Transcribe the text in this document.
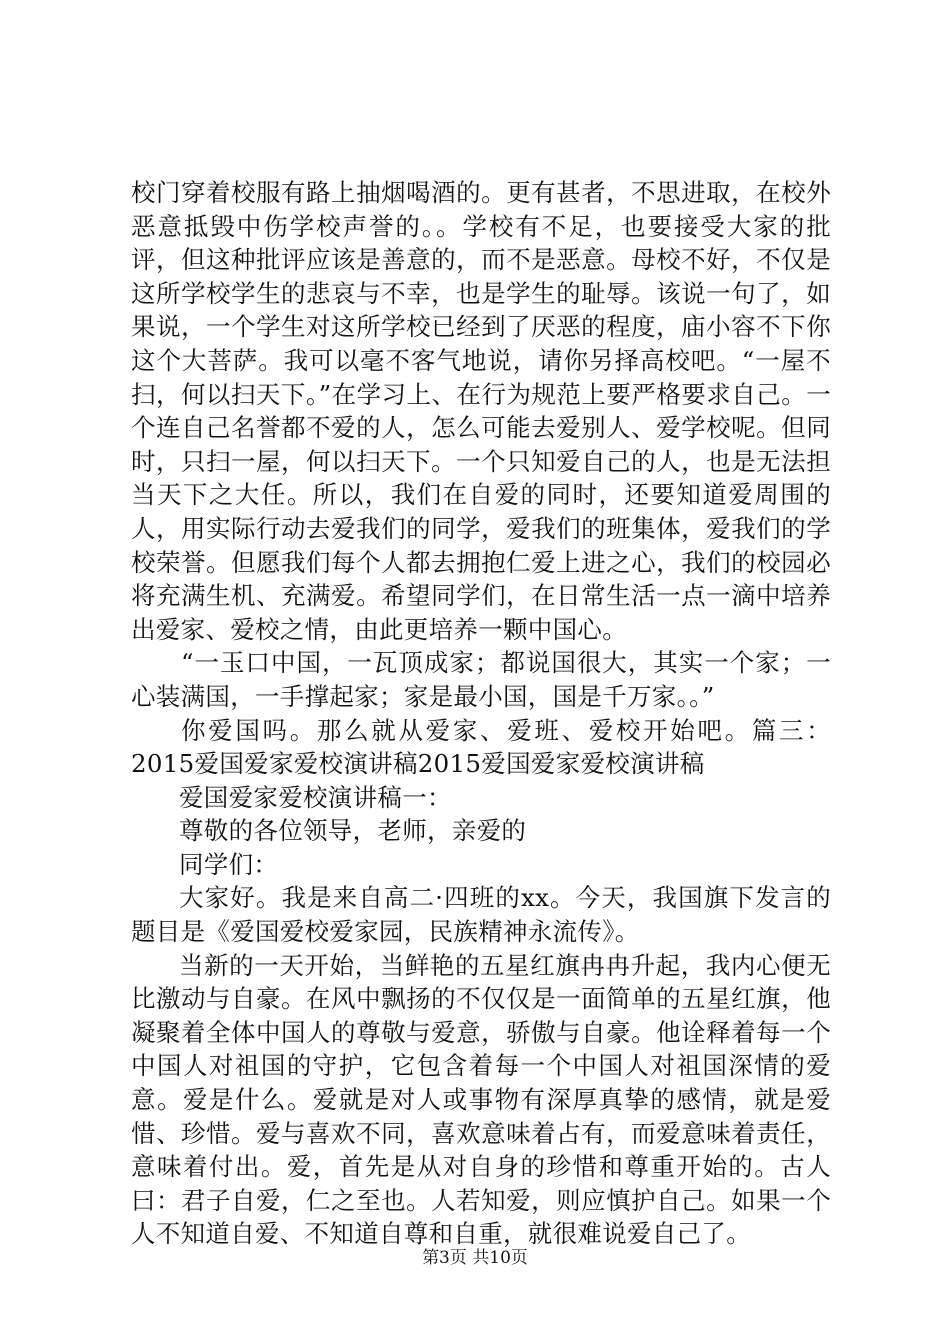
校门穿着校服有路上抽烟喝酒的。更有甚者，不思进取，在校外恶意抵毁中伤学校声誉的。。学校有不足，也要接受大家的批评，但这种批评应该是善意的，而不是恶意。母校不好，不仅是这所学校学生的悲哀与不幸，也是学生的耻辱。该说一句了，如果说，一个学生对这所学校已经到了厌恶的程度，庙小容不下你这个大菩萨。我可以毫不客气地说，请你另择高校吧。“一屋不扫，何以扫天下。”在学习上、在行为规范上要严格要求自己。一个连自己名誉都不爱的人，怎么可能去爱别人、爱学校呢。但同时，只扫一屋，何以扫天下。一个只知爱自己的人，也是无法担当天下之大任。所以，我们在自爱的同时，还要知道爱周围的人，用实际行动去爱我们的同学，爱我们的班集体，爱我们的学校荣誉。但愿我们每个人都去拥抱仁爱上进之心，我们的校园必将充满生机、充满爱。希望同学们，在日常生活一点一滴中培养出爱家、爱校之情，由此更培养一颗中国心。

“一玉口中国，一瓦顶成家；都说国很大，其实一个家；一心装满国，一手撑起家；家是最小国，国是千万家。。”

你爱国吗。那么就从爱家、爱班、爱校开始吧。篇三：2015爱国爱家爱校演讲稿2015爱国爱家爱校演讲稿

爱国爱家爱校演讲稿一：

尊敬的各位领导，老师，亲爱的

同学们：

大家好。我是来自高二·四班的xx。今天，我国旗下发言的题目是《爱国爱校爱家园，民族精神永流传》。

当新的一天开始，当鲜艳的五星红旗冉冉升起，我内心便无比激动与自豪。在风中飘扬的不仅仅是一面简单的五星红旗，他凝聚着全体中国人的尊敬与爱意，骄傲与自豪。他诠释着每一个中国人对祖国的守护，它包含着每一个中国人对祖国深情的爱意。爱是什么。爱就是对人或事物有深厚真挚的感情，就是爱惜、珍惜。爱与喜欢不同，喜欢意味着占有，而爱意味着责任，意味着付出。爱，首先是从对自身的珍惜和尊重开始的。古人曰：君子自爱，仁之至也。人若知爱，则应慎护自己。如果一个人不知道自爱、不知道自尊和自重，就很难说爱自己了。

第3页 共10页
